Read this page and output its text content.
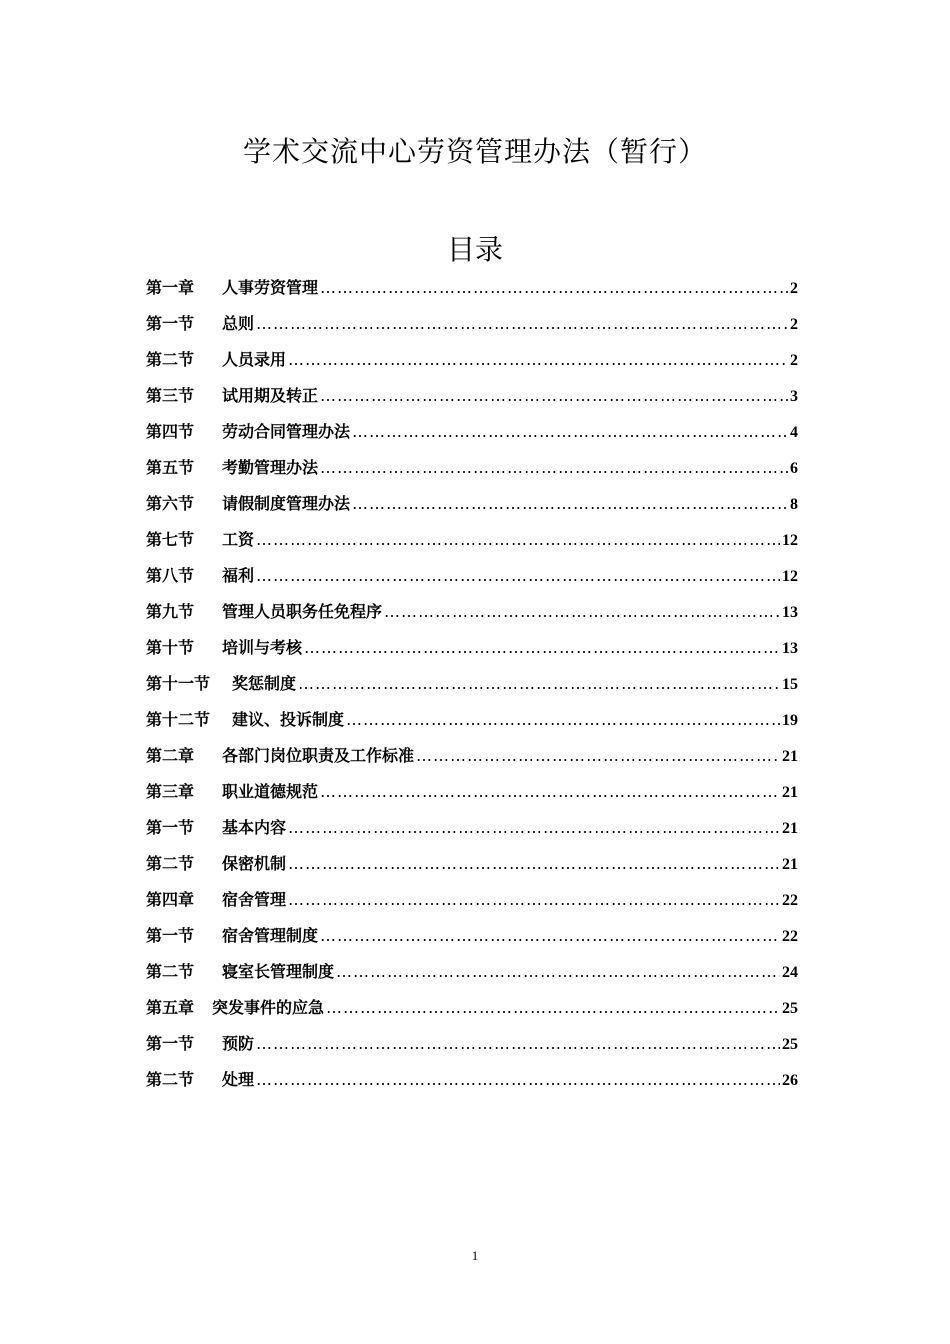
学术交流中心劳资管理办法（暂行）
目录
第一章	人事劳资管理 ……………………………………………………………………………………………………………………………………………………………	2
第一节	总则 ……………………………………………………………………………………………………………………………………………………………	2
第二节	人员录用 ……………………………………………………………………………………………………………………………………………………………	2
第三节	试用期及转正 ……………………………………………………………………………………………………………………………………………………………	3
第四节	劳动合同管理办法 ……………………………………………………………………………………………………………………………………………………………	4
第五节	考勤管理办法 ……………………………………………………………………………………………………………………………………………………………	6
第六节	请假制度管理办法 ……………………………………………………………………………………………………………………………………………………………	8
第七节	工资 ……………………………………………………………………………………………………………………………………………………………	12
第八节	福利 ……………………………………………………………………………………………………………………………………………………………	12
第九节	管理人员职务任免程序 ……………………………………………………………………………………………………………………………………………………………	13
第十节	培训与考核 ……………………………………………………………………………………………………………………………………………………………	13
第十一节	奖惩制度 ……………………………………………………………………………………………………………………………………………………………	15
第十二节	建议、投诉制度 ……………………………………………………………………………………………………………………………………………………………	19
第二章	各部门岗位职责及工作标准 ……………………………………………………………………………………………………………………………………………………………	21
第三章	职业道德规范 ……………………………………………………………………………………………………………………………………………………………	21
第一节	基本内容 ……………………………………………………………………………………………………………………………………………………………	21
第二节	保密机制 ……………………………………………………………………………………………………………………………………………………………	21
第四章	宿舍管理 ……………………………………………………………………………………………………………………………………………………………	22
第一节	宿舍管理制度 ……………………………………………………………………………………………………………………………………………………………	22
第二节	寝室长管理制度 ……………………………………………………………………………………………………………………………………………………………	24
第五章	突发事件的应急 ……………………………………………………………………………………………………………………………………………………………	25
第一节	预防 ……………………………………………………………………………………………………………………………………………………………	25
第二节	处理 ……………………………………………………………………………………………………………………………………………………………	26
1
